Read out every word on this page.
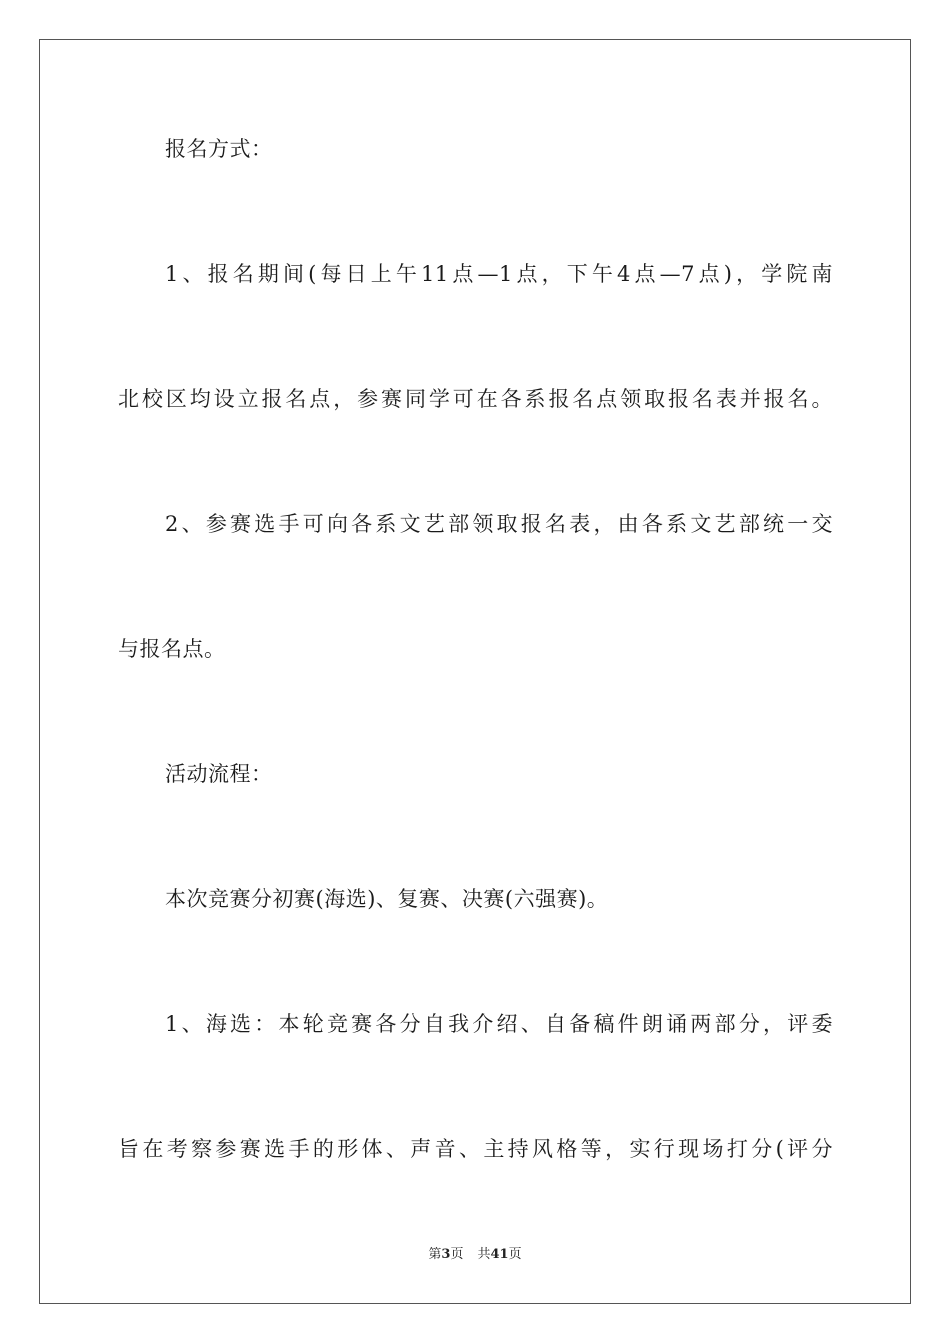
报名方式：
1、报名期间(每日上午11点—1点，下午4点—7点)，学院南
北校区均设立报名点，参赛同学可在各系报名点领取报名表并报名。
2、参赛选手可向各系文艺部领取报名表，由各系文艺部统一交
与报名点。
活动流程：
本次竞赛分初赛(海选)、复赛、决赛(六强赛)。
1、海选：本轮竞赛各分自我介绍、自备稿件朗诵两部分，评委
旨在考察参赛选手的形体、声音、主持风格等，实行现场打分(评分
第3页 共41页
